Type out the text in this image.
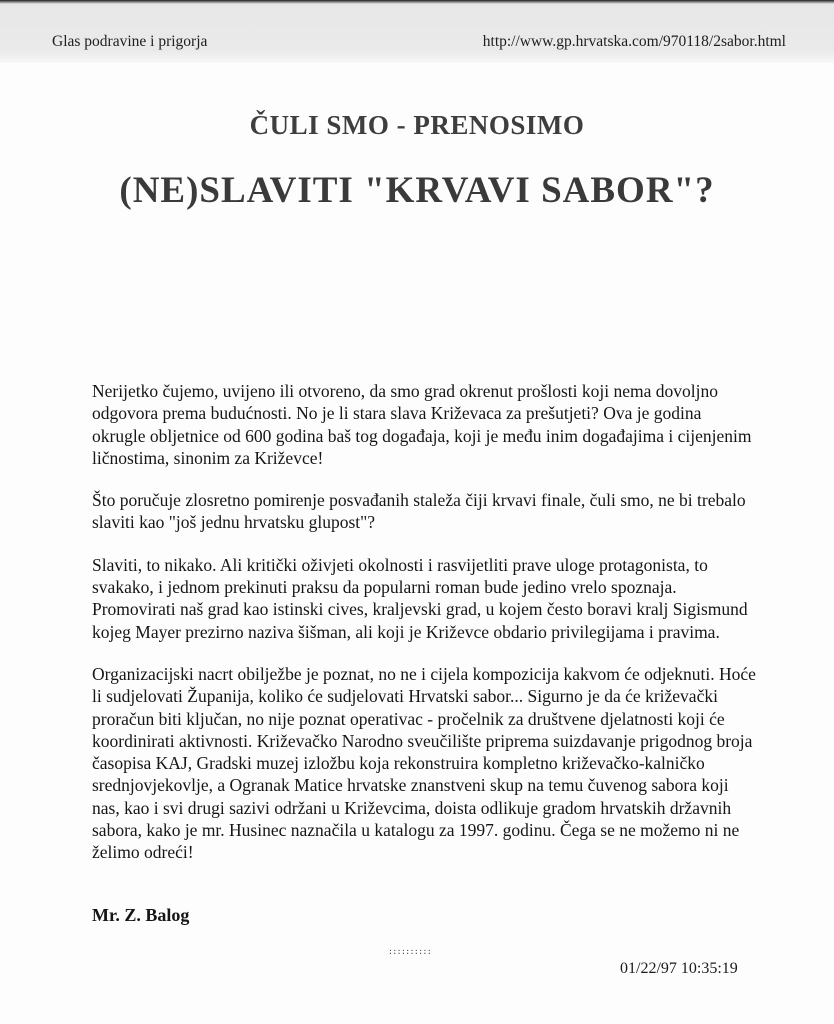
Glas podravine i prigorja	http://www.gp.hrvatska.com/970118/2sabor.html
ČULI SMO - PRENOSIMO
(NE)SLAVITI "KRVAVI SABOR"?

Nerijetko čujemo, uvijeno ili otvoreno, da smo grad okrenut prošlosti koji nema dovoljno odgovora prema budućnosti. No je li stara slava Križevaca za prešutjeti? Ova je godina okrugle obljetnice od 600 godina baš tog događaja, koji je među inim događajima i cijenjenim ličnostima, sinonim za Križevce!

Što poručuje zlosretno pomirenje posvađanih staleža čiji krvavi finale, čuli smo, ne bi trebalo slaviti kao "još jednu hrvatsku glupost"?

Slaviti, to nikako. Ali kritički oživjeti okolnosti i rasvijetliti prave uloge protagonista, to svakako, i jednom prekinuti praksu da popularni roman bude jedino vrelo spoznaja. Promovirati naš grad kao istinski cives, kraljevski grad, u kojem često boravi kralj Sigismund kojeg Mayer prezirno naziva šišman, ali koji je Križevce obdario privilegijama i pravima.

Organizacijski nacrt obilježbe je poznat, no ne i cijela kompozicija kakvom će odjeknuti. Hoće li sudjelovati Županija, koliko će sudjelovati Hrvatski sabor... Sigurno je da će križevački proračun biti ključan, no nije poznat operativac - pročelnik za društvene djelatnosti koji će koordinirati aktivnosti. Križevačko Narodno sveučilište priprema suizdavanje prigodnog broja časopisa KAJ, Gradski muzej izložbu koja rekonstruira kompletno križevačko-kalničko srednjovjekovlje, a Ogranak Matice hrvatske znanstveni skup na temu čuvenog sabora koji nas, kao i svi drugi sazivi održani u Križevcima, doista odlikuje gradom hrvatskih državnih sabora, kako je mr. Husinec naznačila u katalogu za 1997. godinu. Čega se ne možemo ni ne želimo odreći!

Mr. Z. Balog
::::::::::
01/22/97 10:35:19
